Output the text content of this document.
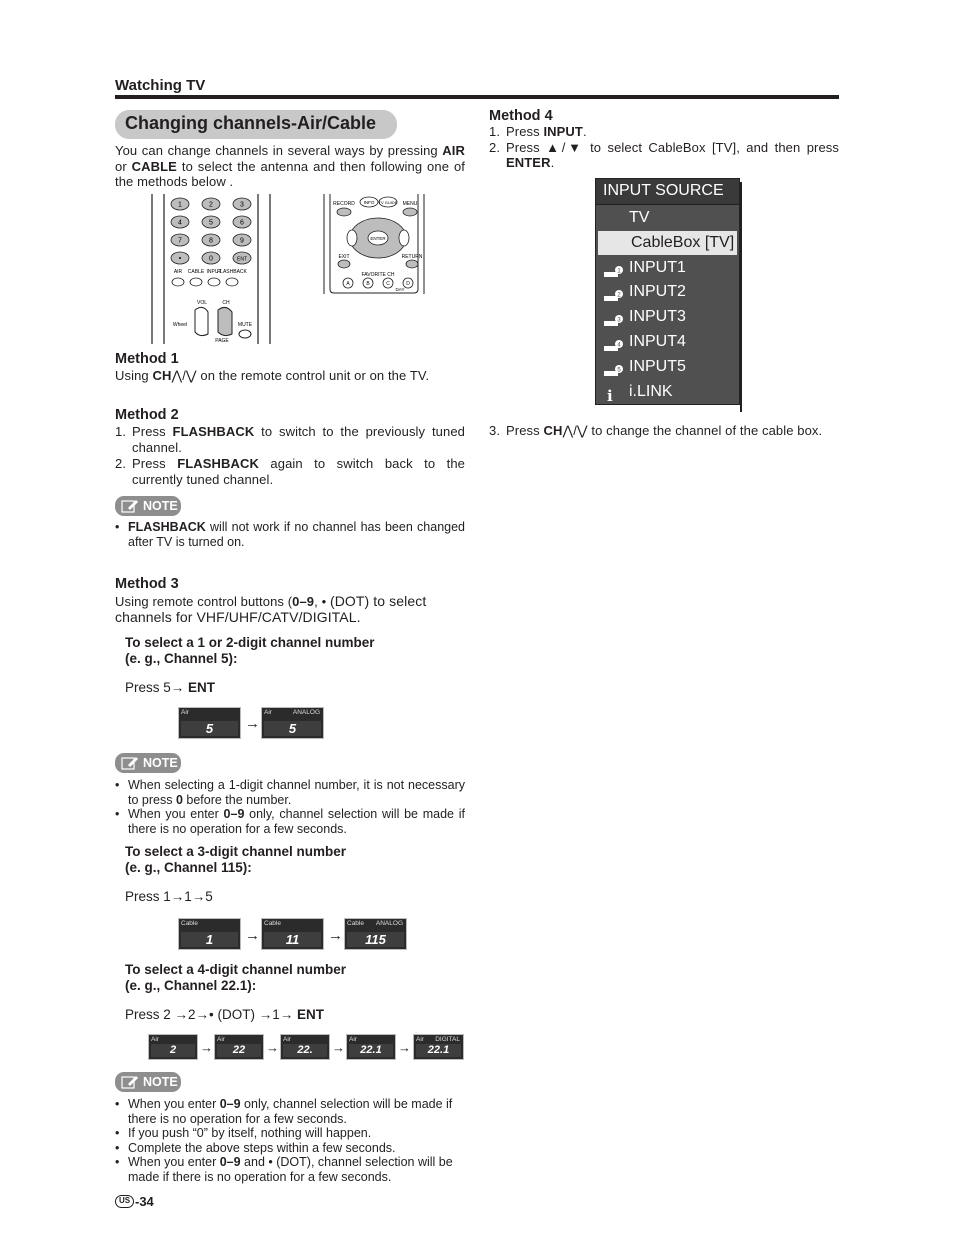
Watching TV
Changing channels-Air/Cable
You can change channels in several ways by pressing AIR or CABLE to select the antenna and then following one of the methods below .
1	2	3
4	5	6
7	8	9
•	0	ENT
AIR CABLE INPUT
FLASHBACK
VOL	CH
MUTE
PAGE
Wheel
RECORD	MENU
INFO TV GUIDE
ENTER
EXIT	RETURN
FAVORITE CH
A	B	C	D
DAY
Method 1
Using CH⋀/⋁ on the remote control unit or on the TV.
Method 2
1. Press FLASHBACK to switch to the previously tuned channel.
2. Press FLASHBACK again to switch back to the currently tuned channel.
NOTE
• FLASHBACK will not work if no channel has been changed after TV is turned on.
Method 3
Using remote control buttons (0–9, • (DOT) to select channels for VHF/UHF/CATV/DIGITAL.
To select a 1 or 2-digit channel number
(e. g., Channel 5):
Press 5→ ENT
Air
5	→
Air	ANALOG
5
NOTE
• When selecting a 1-digit channel number, it is not necessary to press 0 before the number.
• When you enter 0–9 only, channel selection will be made if there is no operation for a few seconds.
To select a 3-digit channel number
(e. g., Channel 115):
Press 1→1→5
Cable
1	→
Cable
11	→
Cable ANALOG
115
To select a 4-digit channel number
(e. g., Channel 22.1):
Press 2 →2→• (DOT) →1→ ENT
Air
2	→
Air
22	→
Air
22.	→
Air
22.1	→
Air DIGITAL
22.1
NOTE
• When you enter 0–9 only, channel selection will be made if there is no operation for a few seconds.
• If you push “0” by itself, nothing will happen.
• Complete the above steps within a few seconds.
• When you enter 0–9 and • (DOT), channel selection will be made if there is no operation for a few seconds.
US -34
Method 4
1. Press INPUT.
2. Press ▲/▼ to select CableBox [TV], and then press ENTER.
INPUT SOURCE
TV
CableBox [TV]
1 INPUT1
2 INPUT2
3 INPUT3
4 INPUT4
5 INPUT5
i i.LINK
3. Press CH⋀/⋁ to change the channel of the cable box.
